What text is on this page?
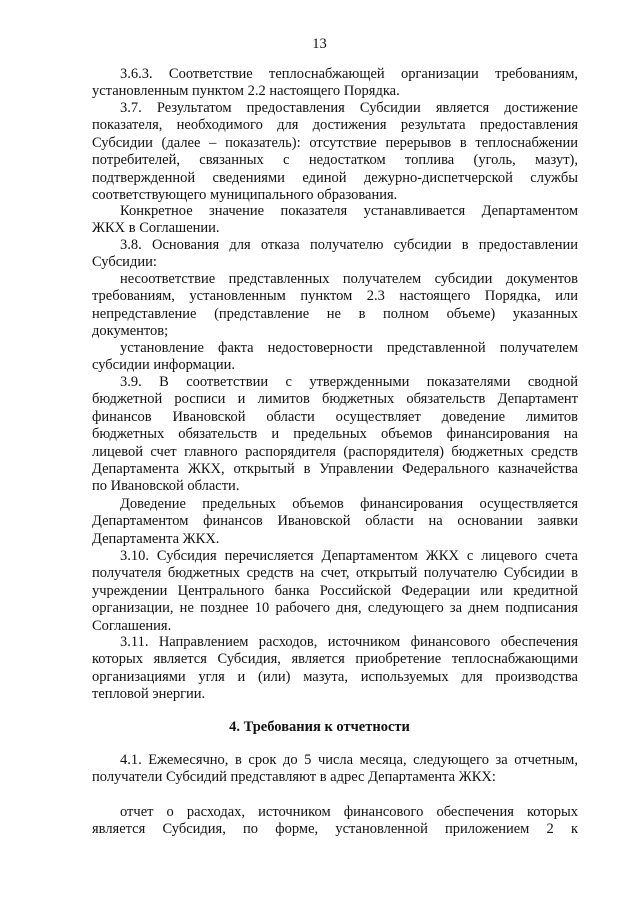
13
3.6.3. Соответствие теплоснабжающей организации требованиям,
установленным пунктом 2.2 настоящего Порядка.
3.7. Результатом предоставления Субсидии является достижение
показателя, необходимого для достижения результата предоставления
Субсидии (далее – показатель): отсутствие перерывов в теплоснабжении
потребителей, связанных с недостатком топлива (уголь, мазут),
подтвержденной сведениями единой дежурно-диспетчерской службы
соответствующего муниципального образования.
Конкретное значение показателя устанавливается Департаментом
ЖКХ в Соглашении.
3.8. Основания для отказа получателю субсидии в предоставлении
Субсидии:
несоответствие представленных получателем субсидии документов
требованиям, установленным пунктом 2.3 настоящего Порядка, или
непредставление (представление не в полном объеме) указанных
документов;
установление факта недостоверности представленной получателем
субсидии информации.
3.9. В соответствии с утвержденными показателями сводной
бюджетной росписи и лимитов бюджетных обязательств Департамент
финансов Ивановской области осуществляет доведение лимитов
бюджетных обязательств и предельных объемов финансирования на
лицевой счет главного распорядителя (распорядителя) бюджетных средств
Департамента ЖКХ, открытый в Управлении Федерального казначейства
по Ивановской области.
Доведение предельных объемов финансирования осуществляется
Департаментом финансов Ивановской области на основании заявки
Департамента ЖКХ.
3.10. Субсидия перечисляется Департаментом ЖКХ с лицевого счета
получателя бюджетных средств на счет, открытый получателю Субсидии в
учреждении Центрального банка Российской Федерации или кредитной
организации, не позднее 10 рабочего дня, следующего за днем подписания
Соглашения.
3.11. Направлением расходов, источником финансового обеспечения
которых является Субсидия, является приобретение теплоснабжающими
организациями угля и (или) мазута, используемых для производства
тепловой энергии.
4.1. Ежемесячно, в срок до 5 числа месяца, следующего за отчетным,
получатели Субсидий представляют в адрес Департамента ЖКХ:
отчет о расходах, источником финансового обеспечения которых
является Субсидия, по форме, установленной приложением 2 к
4. Требования к отчетности
